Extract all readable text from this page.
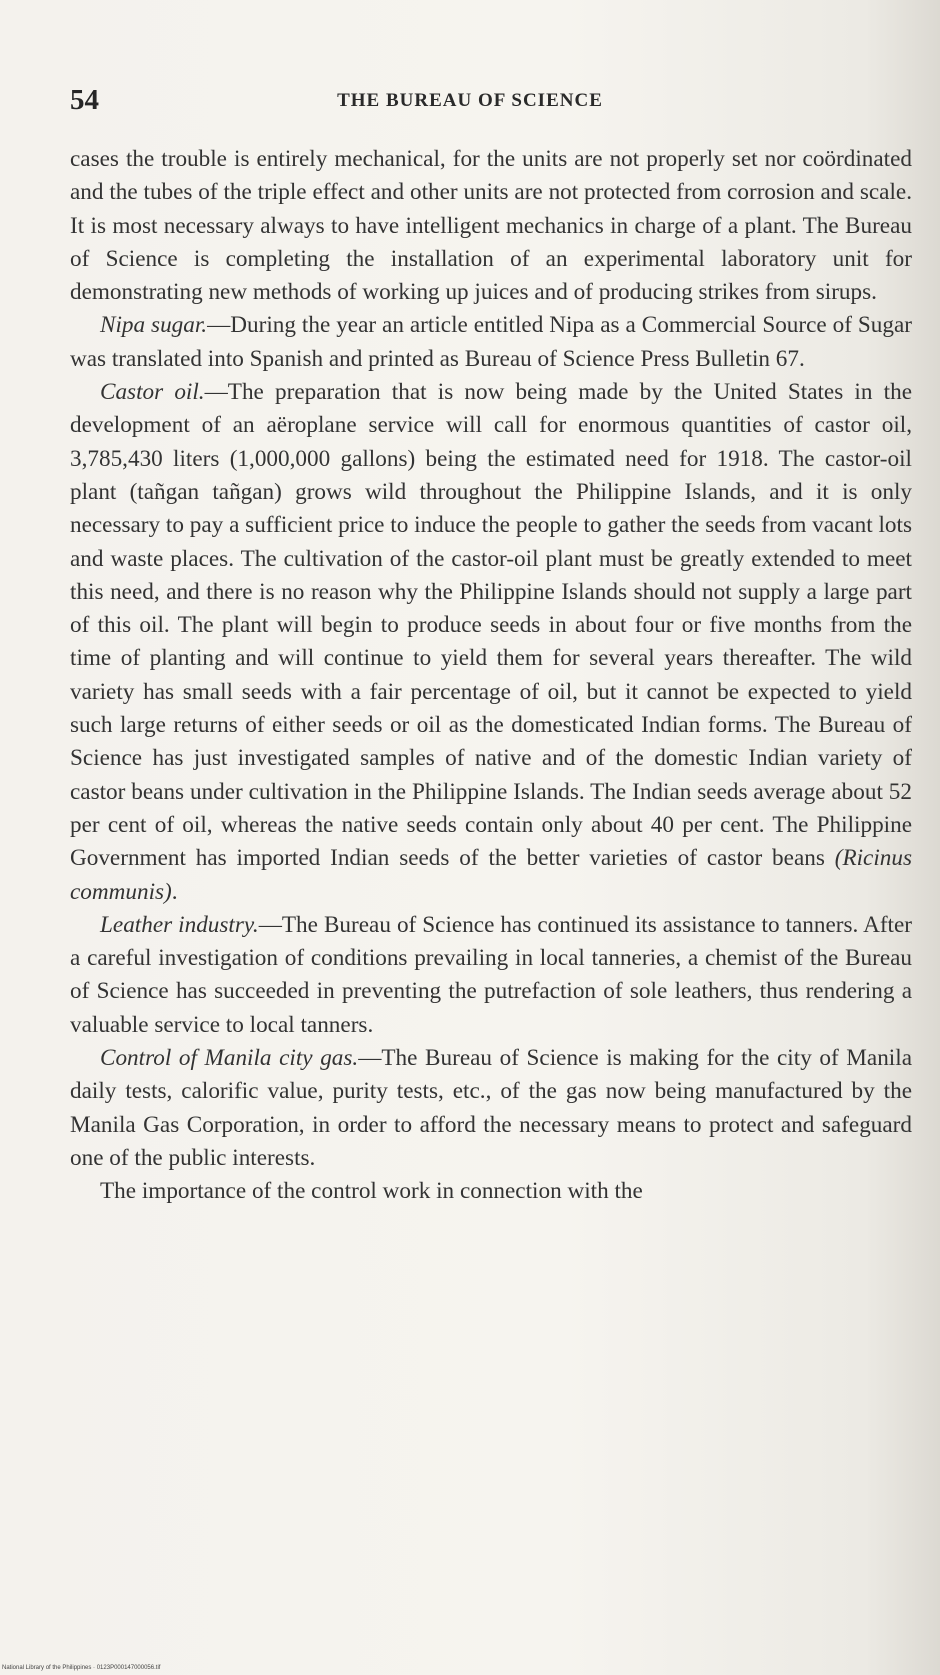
54	THE BUREAU OF SCIENCE

cases the trouble is entirely mechanical, for the units are not properly set nor coördinated and the tubes of the triple effect and other units are not protected from corrosion and scale. It is most necessary always to have intelligent mechanics in charge of a plant. The Bureau of Science is completing the installation of an experimental laboratory unit for demonstrating new methods of working up juices and of producing strikes from sirups.

Nipa sugar.—During the year an article entitled Nipa as a Commercial Source of Sugar was translated into Spanish and printed as Bureau of Science Press Bulletin 67.

Castor oil.—The preparation that is now being made by the United States in the development of an aëroplane service will call for enormous quantities of castor oil, 3,785,430 liters (1,000,000 gallons) being the estimated need for 1918. The castor-oil plant (tañgan tañgan) grows wild throughout the Philippine Islands, and it is only necessary to pay a sufficient price to induce the people to gather the seeds from vacant lots and waste places. The cultivation of the castor-oil plant must be greatly extended to meet this need, and there is no reason why the Philippine Islands should not supply a large part of this oil. The plant will begin to produce seeds in about four or five months from the time of planting and will continue to yield them for several years thereafter. The wild variety has small seeds with a fair percentage of oil, but it cannot be expected to yield such large returns of either seeds or oil as the domesticated Indian forms. The Bureau of Science has just investigated samples of native and of the domestic Indian variety of castor beans under cultivation in the Philippine Islands. The Indian seeds average about 52 per cent of oil, whereas the native seeds contain only about 40 per cent. The Philippine Government has imported Indian seeds of the better varieties of castor beans (Ricinus communis).

Leather industry.—The Bureau of Science has continued its assistance to tanners. After a careful investigation of conditions prevailing in local tanneries, a chemist of the Bureau of Science has succeeded in preventing the putrefaction of sole leathers, thus rendering a valuable service to local tanners.

Control of Manila city gas.—The Bureau of Science is making for the city of Manila daily tests, calorific value, purity tests, etc., of the gas now being manufactured by the Manila Gas Corporation, in order to afford the necessary means to protect and safeguard one of the public interests.

The importance of the control work in connection with the

National Library of the Philippines · 0123P000147000056.tif
